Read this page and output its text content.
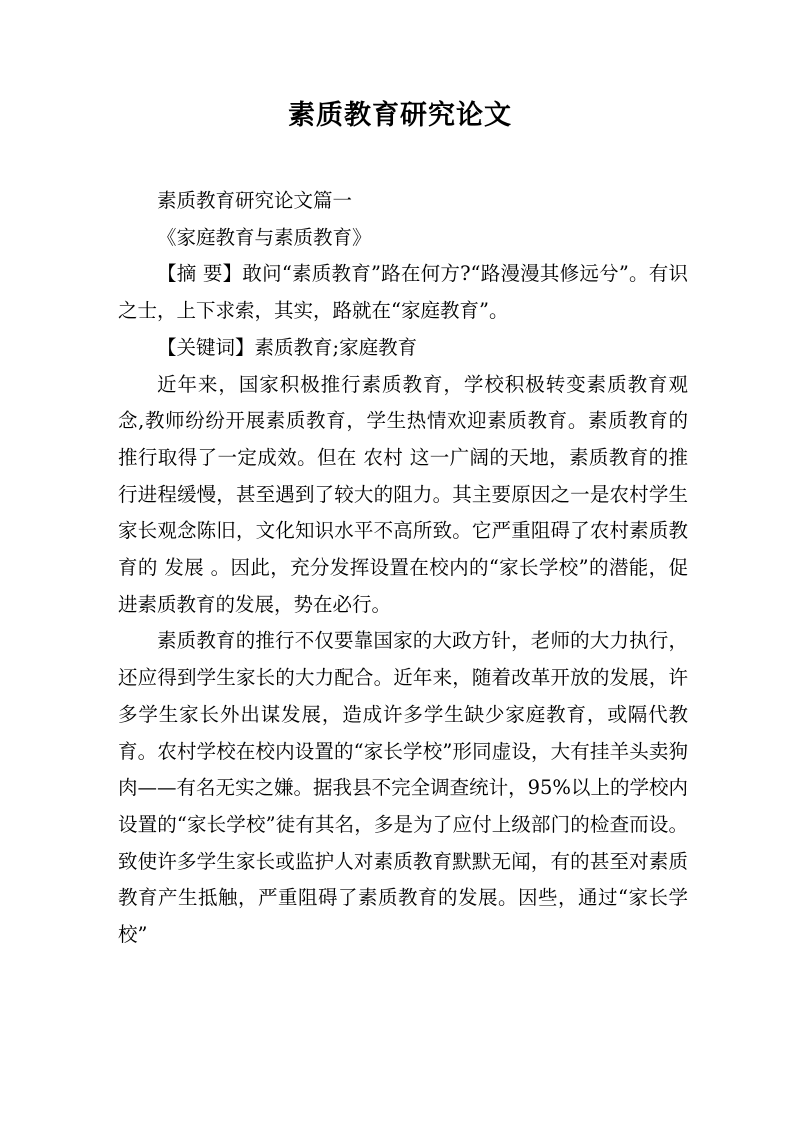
素质教育研究论文

素质教育研究论文篇一

《家庭教育与素质教育》

【摘 要】敢问“素质教育”路在何方?“路漫漫其修远兮”。有识之士，上下求索，其实，路就在“家庭教育”。

【关键词】素质教育;家庭教育

近年来，国家积极推行素质教育，学校积极转变素质教育观念,教师纷纷开展素质教育，学生热情欢迎素质教育。素质教育的推行取得了一定成效。但在 农村 这一广阔的天地，素质教育的推行进程缓慢，甚至遇到了较大的阻力。其主要原因之一是农村学生家长观念陈旧，文化知识水平不高所致。它严重阻碍了农村素质教育的 发展 。因此，充分发挥设置在校内的“家长学校”的潜能，促进素质教育的发展，势在必行。

素质教育的推行不仅要靠国家的大政方针，老师的大力执行，还应得到学生家长的大力配合。近年来，随着改革开放的发展，许多学生家长外出谋发展，造成许多学生缺少家庭教育，或隔代教育。农村学校在校内设置的“家长学校”形同虚设，大有挂羊头卖狗肉——有名无实之嫌。据我县不完全调查统计，95%以上的学校内设置的“家长学校”徒有其名，多是为了应付上级部门的检查而设。致使许多学生家长或监护人对素质教育默默无闻，有的甚至对素质教育产生抵触，严重阻碍了素质教育的发展。因些，通过“家长学校”
